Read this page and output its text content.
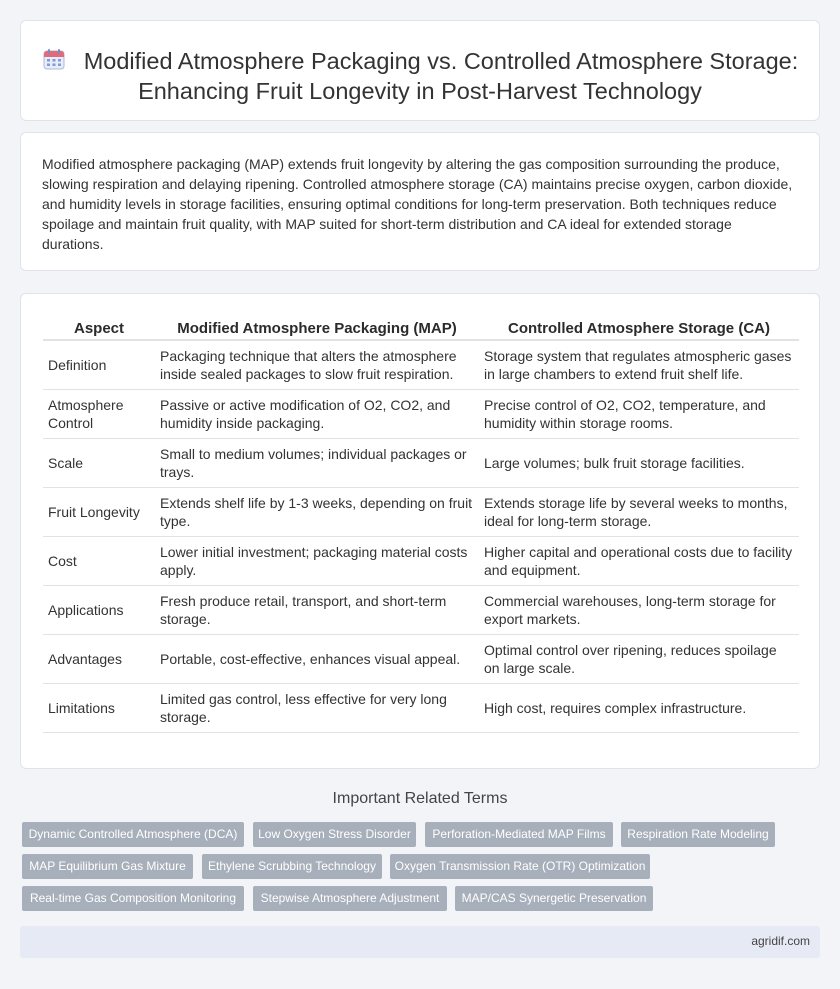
Modified Atmosphere Packaging vs. Controlled Atmosphere Storage: Enhancing Fruit Longevity in Post-Harvest Technology

Modified atmosphere packaging (MAP) extends fruit longevity by altering the gas composition surrounding the produce, slowing respiration and delaying ripening. Controlled atmosphere storage (CA) maintains precise oxygen, carbon dioxide, and humidity levels in storage facilities, ensuring optimal conditions for long-term preservation. Both techniques reduce spoilage and maintain fruit quality, with MAP suited for short-term distribution and CA ideal for extended storage durations.

Aspect	Modified Atmosphere Packaging (MAP)	Controlled Atmosphere Storage (CA)
Definition	Packaging technique that alters the atmosphere inside sealed packages to slow fruit respiration.	Storage system that regulates atmospheric gases in large chambers to extend fruit shelf life.
Atmosphere Control	Passive or active modification of O2, CO2, and humidity inside packaging.	Precise control of O2, CO2, temperature, and humidity within storage rooms.
Scale	Small to medium volumes; individual packages or trays.	Large volumes; bulk fruit storage facilities.
Fruit Longevity	Extends shelf life by 1-3 weeks, depending on fruit type.	Extends storage life by several weeks to months, ideal for long-term storage.
Cost	Lower initial investment; packaging material costs apply.	Higher capital and operational costs due to facility and equipment.
Applications	Fresh produce retail, transport, and short-term storage.	Commercial warehouses, long-term storage for export markets.
Advantages	Portable, cost-effective, enhances visual appeal.	Optimal control over ripening, reduces spoilage on large scale.
Limitations	Limited gas control, less effective for very long storage.	High cost, requires complex infrastructure.
Important Related Terms
Dynamic Controlled Atmosphere (DCA)	Low Oxygen Stress Disorder	Perforation-Mediated MAP Films	Respiration Rate Modeling
MAP Equilibrium Gas Mixture	Ethylene Scrubbing Technology	Oxygen Transmission Rate (OTR) Optimization
Real-time Gas Composition Monitoring	Stepwise Atmosphere Adjustment	MAP/CAS Synergetic Preservation
agridif.com
